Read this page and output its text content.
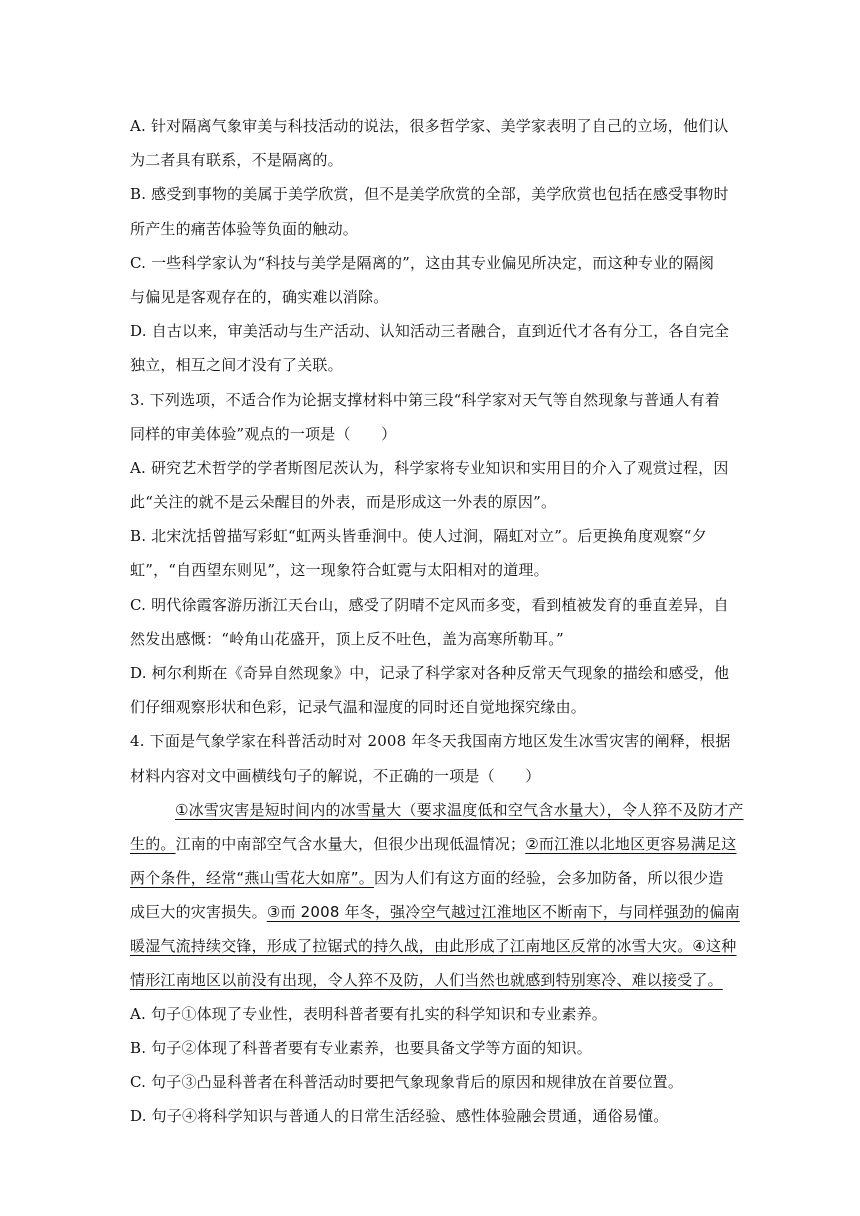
A. 针对隔离气象审美与科技活动的说法，很多哲学家、美学家表明了自己的立场，他们认
为二者具有联系，不是隔离的。
B. 感受到事物的美属于美学欣赏，但不是美学欣赏的全部，美学欣赏也包括在感受事物时
所产生的痛苦体验等负面的触动。
C. 一些科学家认为“科技与美学是隔离的”，这由其专业偏见所决定，而这种专业的隔阂
与偏见是客观存在的，确实难以消除。
D. 自古以来，审美活动与生产活动、认知活动三者融合，直到近代才各有分工，各自完全
独立，相互之间才没有了关联。
3. 下列选项，不适合作为论据支撑材料中第三段“科学家对天气等自然现象与普通人有着
同样的审美体验”观点的一项是（　　）
A. 研究艺术哲学的学者斯图尼茨认为，科学家将专业知识和实用目的介入了观赏过程，因
此“关注的就不是云朵醒目的外表，而是形成这一外表的原因”。
B. 北宋沈括曾描写彩虹“虹两头皆垂涧中。使人过涧，隔虹对立”。后更换角度观察“夕
虹”，“自西望东则见”，这一现象符合虹霓与太阳相对的道理。
C. 明代徐霞客游历浙江天台山，感受了阴晴不定风而多变，看到植被发育的垂直差异，自
然发出感慨：“岭角山花盛开，顶上反不吐色，盖为高寒所勒耳。”
D. 柯尔利斯在《奇异自然现象》中，记录了科学家对各种反常天气现象的描绘和感受，他
们仔细观察形状和色彩，记录气温和湿度的同时还自觉地探究缘由。
4. 下面是气象学家在科普活动时对 2008 年冬天我国南方地区发生冰雪灾害的阐释，根据
材料内容对文中画横线句子的解说，不正确的一项是（　　）
①冰雪灾害是短时间内的冰雪量大（要求温度低和空气含水量大），令人猝不及防才产
生的。江南的中南部空气含水量大，但很少出现低温情况；②而江淮以北地区更容易满足这
两个条件，经常“燕山雪花大如席”。因为人们有这方面的经验，会多加防备，所以很少造
成巨大的灾害损失。③而 2008 年冬，强冷空气越过江淮地区不断南下，与同样强劲的偏南
暖湿气流持续交锋，形成了拉锯式的持久战，由此形成了江南地区反常的冰雪大灾。④这种
情形江南地区以前没有出现，令人猝不及防，人们当然也就感到特别寒冷、难以接受了。
A. 句子①体现了专业性，表明科普者要有扎实的科学知识和专业素养。
B. 句子②体现了科普者要有专业素养，也要具备文学等方面的知识。
C. 句子③凸显科普者在科普活动时要把气象现象背后的原因和规律放在首要位置。
D. 句子④将科学知识与普通人的日常生活经验、感性体验融会贯通，通俗易懂。
